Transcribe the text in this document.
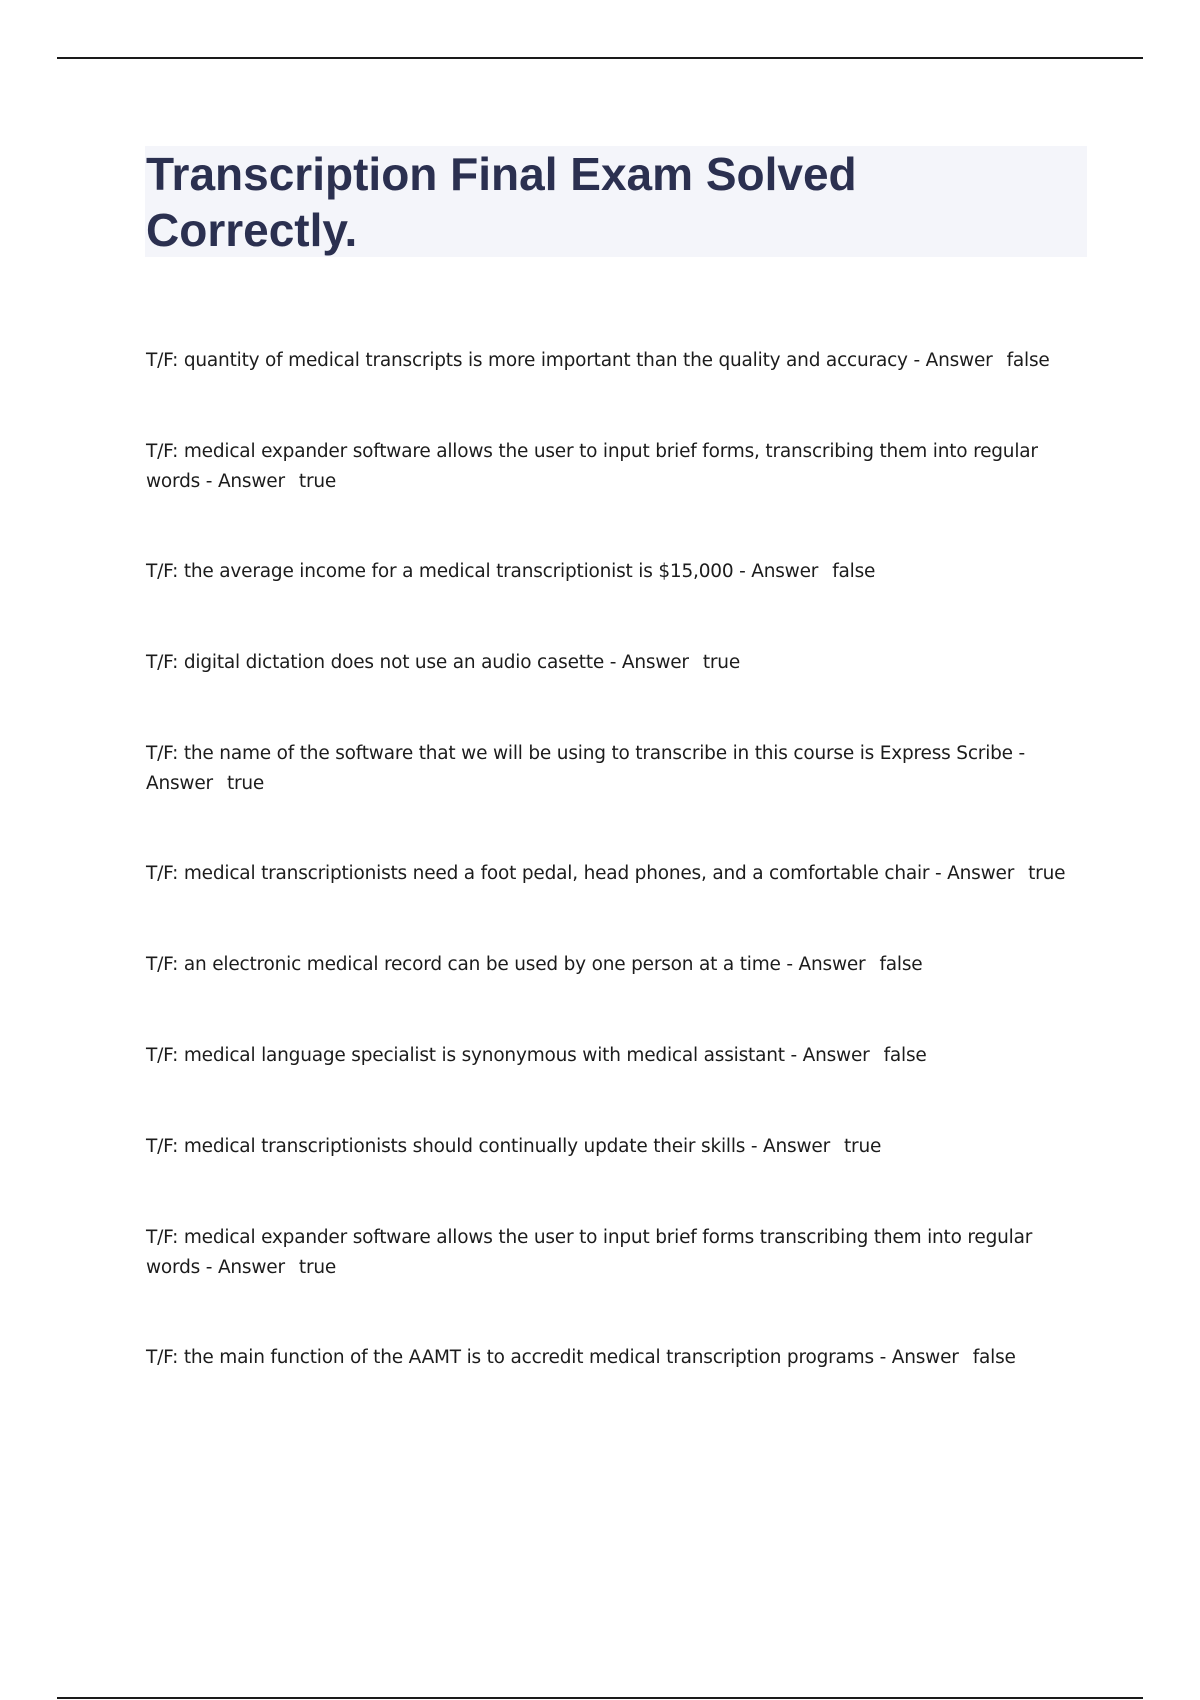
Transcription Final Exam Solved Correctly.
T/F: quantity of medical transcripts is more important than the quality and accuracy - Answer false
T/F: medical expander software allows the user to input brief forms, transcribing them into regular words - Answer true
T/F: the average income for a medical transcriptionist is $15,000 - Answer false
T/F: digital dictation does not use an audio casette - Answer true
T/F: the name of the software that we will be using to transcribe in this course is Express Scribe - Answer true
T/F: medical transcriptionists need a foot pedal, head phones, and a comfortable chair - Answer true
T/F: an electronic medical record can be used by one person at a time - Answer false
T/F: medical language specialist is synonymous with medical assistant - Answer false
T/F: medical transcriptionists should continually update their skills - Answer true
T/F: medical expander software allows the user to input brief forms transcribing them into regular words - Answer true
T/F: the main function of the AAMT is to accredit medical transcription programs - Answer false
